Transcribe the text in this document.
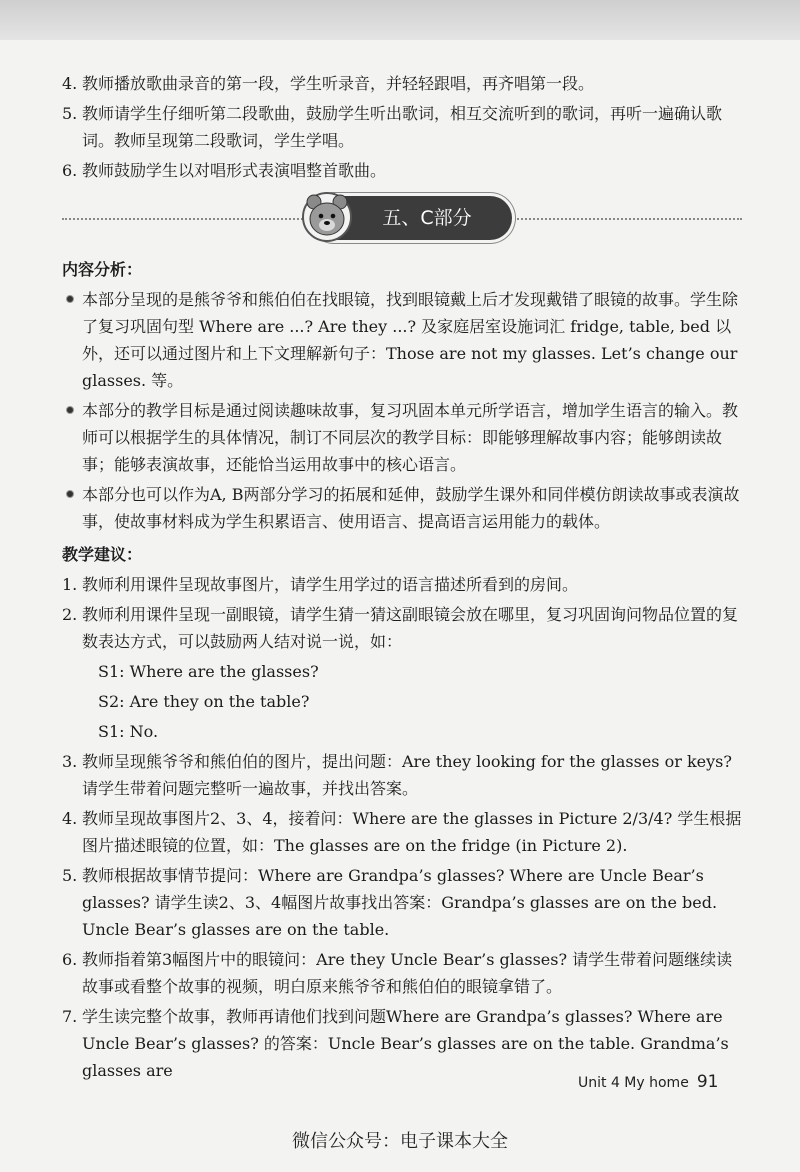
4. 教师播放歌曲录音的第一段，学生听录音，并轻轻跟唱，再齐唱第一段。
5. 教师请学生仔细听第二段歌曲，鼓励学生听出歌词，相互交流听到的歌词，再听一遍确认歌词。教师呈现第二段歌词，学生学唱。
6. 教师鼓励学生以对唱形式表演唱整首歌曲。
五、C部分
内容分析：
本部分呈现的是熊爷爷和熊伯伯在找眼镜，找到眼镜戴上后才发现戴错了眼镜的故事。学生除了复习巩固句型 Where are ...? Are they ...? 及家庭居室设施词汇 fridge, table, bed 以外，还可以通过图片和上下文理解新句子：Those are not my glasses. Let’s change our glasses. 等。
本部分的教学目标是通过阅读趣味故事，复习巩固本单元所学语言，增加学生语言的输入。教师可以根据学生的具体情况，制订不同层次的教学目标：即能够理解故事内容；能够朗读故事；能够表演故事，还能恰当运用故事中的核心语言。
本部分也可以作为A, B两部分学习的拓展和延伸，鼓励学生课外和同伴模仿朗读故事或表演故事，使故事材料成为学生积累语言、使用语言、提高语言运用能力的载体。
教学建议：
1. 教师利用课件呈现故事图片，请学生用学过的语言描述所看到的房间。
2. 教师利用课件呈现一副眼镜，请学生猜一猜这副眼镜会放在哪里，复习巩固询问物品位置的复数表达方式，可以鼓励两人结对说一说，如：
S1: Where are the glasses?
S2: Are they on the table?
S1: No.
3. 教师呈现熊爷爷和熊伯伯的图片，提出问题：Are they looking for the glasses or keys? 请学生带着问题完整听一遍故事，并找出答案。
4. 教师呈现故事图片2、3、4，接着问：Where are the glasses in Picture 2/3/4? 学生根据图片描述眼镜的位置，如：The glasses are on the fridge (in Picture 2).
5. 教师根据故事情节提问：Where are Grandpa’s glasses? Where are Uncle Bear’s glasses? 请学生读2、3、4幅图片故事找出答案：Grandpa’s glasses are on the bed. Uncle Bear’s glasses are on the table.
6. 教师指着第3幅图片中的眼镜问：Are they Uncle Bear’s glasses? 请学生带着问题继续读故事或看整个故事的视频，明白原来熊爷爷和熊伯伯的眼镜拿错了。
7. 学生读完整个故事，教师再请他们找到问题Where are Grandpa’s glasses? Where are Uncle Bear’s glasses? 的答案：Uncle Bear’s glasses are on the table. Grandma’s glasses are
Unit 4 My home 91
微信公众号：电子课本大全
